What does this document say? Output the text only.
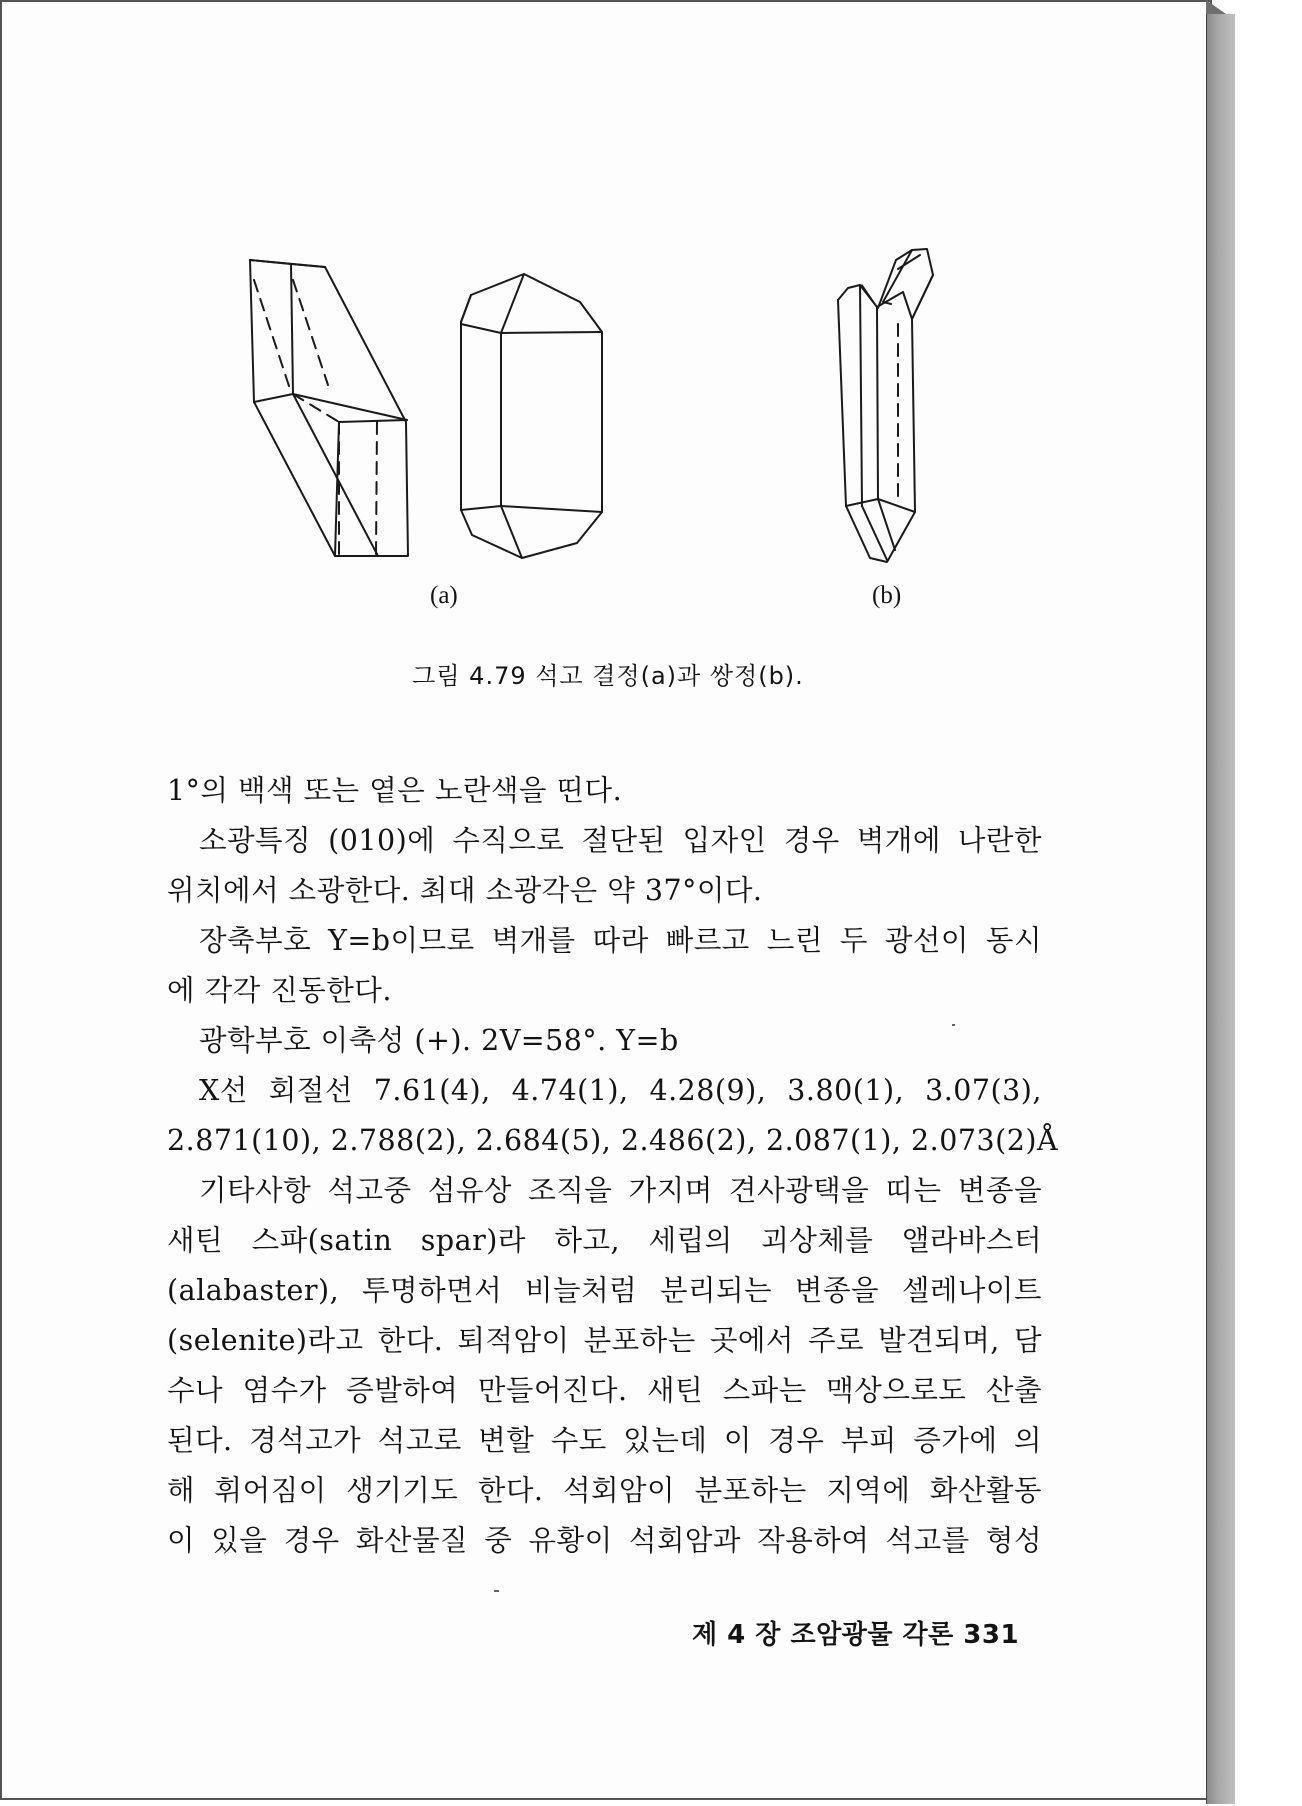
(a)	(b)

그림 4.79 석고 결정(a)과 쌍정(b).

1°의 백색 또는 옅은 노란색을 띤다.
소광특징 (010)에 수직으로 절단된 입자인 경우 벽개에 나란한
위치에서 소광한다. 최대 소광각은 약 37°이다.
장축부호 Y=b이므로 벽개를 따라 빠르고 느린 두 광선이 동시
에 각각 진동한다.
광학부호 이축성 (+). 2V=58°. Y=b
X선 회절선 7.61(4), 4.74(1), 4.28(9), 3.80(1), 3.07(3),
2.871(10), 2.788(2), 2.684(5), 2.486(2), 2.087(1), 2.073(2)Å
기타사항 석고중 섬유상 조직을 가지며 견사광택을 띠는 변종을
새틴 스파(satin spar)라 하고, 세립의 괴상체를 앨라바스터
(alabaster), 투명하면서 비늘처럼 분리되는 변종을 셀레나이트
(selenite)라고 한다. 퇴적암이 분포하는 곳에서 주로 발견되며, 담
수나 염수가 증발하여 만들어진다. 새틴 스파는 맥상으로도 산출
된다. 경석고가 석고로 변할 수도 있는데 이 경우 부피 증가에 의
해 휘어짐이 생기기도 한다. 석회암이 분포하는 지역에 화산활동
이 있을 경우 화산물질 중 유황이 석회암과 작용하여 석고를 형성

제 4 장 조암광물 각론 331
